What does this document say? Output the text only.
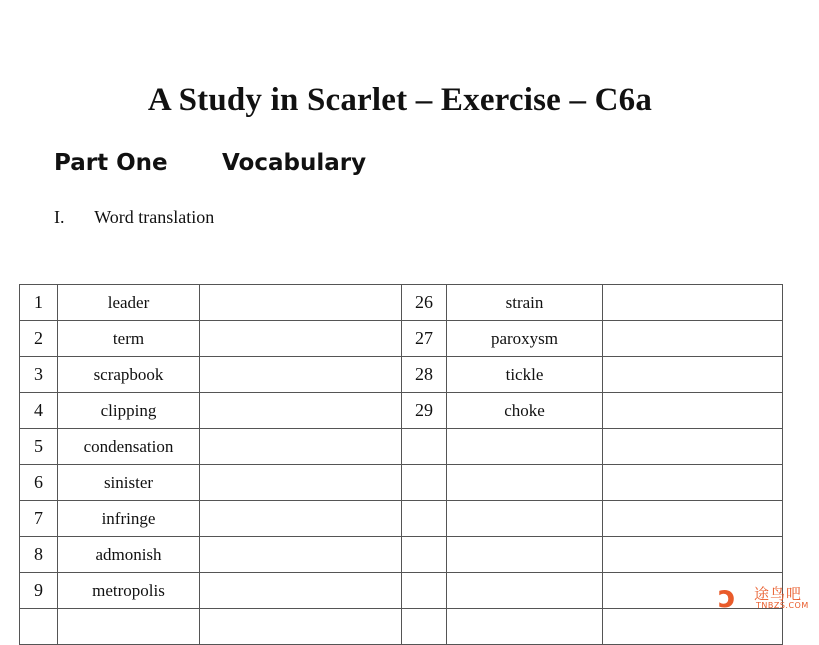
A Study in Scarlet – Exercise – C6a
Part One Vocabulary
I. Word translation
1	leader		26	strain	
2	term		27	paroxysm	
3	scrapbook		28	tickle	
4	clipping		29	choke	
5	condensation				
6	sinister				
7	infringe				
8	admonish				
9	metropolis				
						ɔ 途鸟吧
TNBZS.COM
